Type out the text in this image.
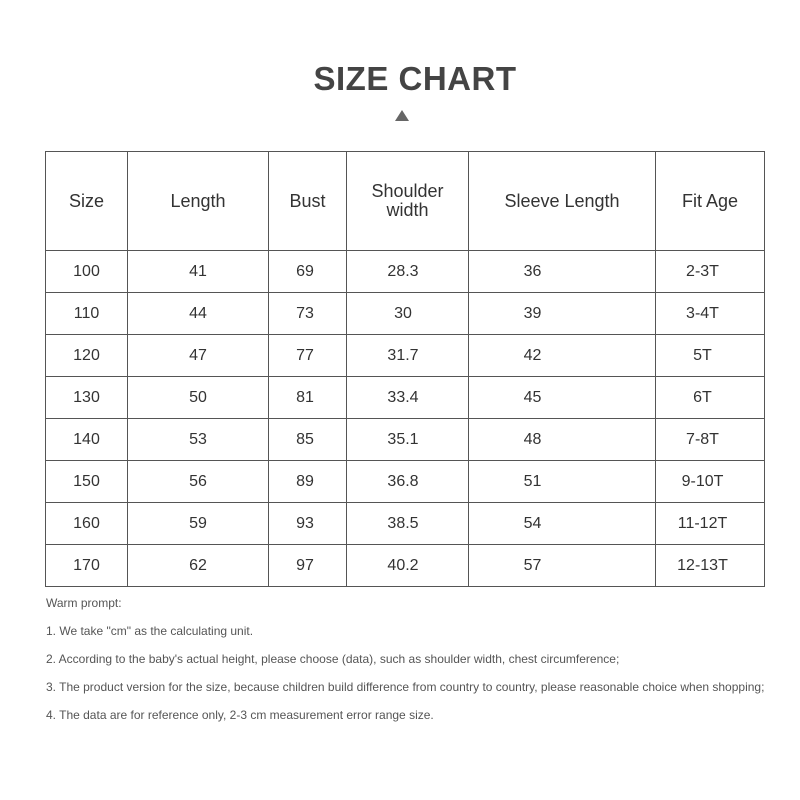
SIZE CHART
Size	Length	Bust	Shoulder width	Sleeve Length	Fit Age
100	41	69	28.3	36	2-3T
110	44	73	30	39	3-4T
120	47	77	31.7	42	5T
130	50	81	33.4	45	6T
140	53	85	35.1	48	7-8T
150	56	89	36.8	51	9-10T
160	59	93	38.5	54	11-12T
170	62	97	40.2	57	12-13T
Warm prompt:
1. We take "cm" as the calculating unit.
2. According to the baby's actual height, please choose (data), such as shoulder width, chest circumference;
3. The product version for the size, because children build difference from country to country, please reasonable choice when shopping;
4. The data are for reference only, 2-3 cm measurement error range size.
